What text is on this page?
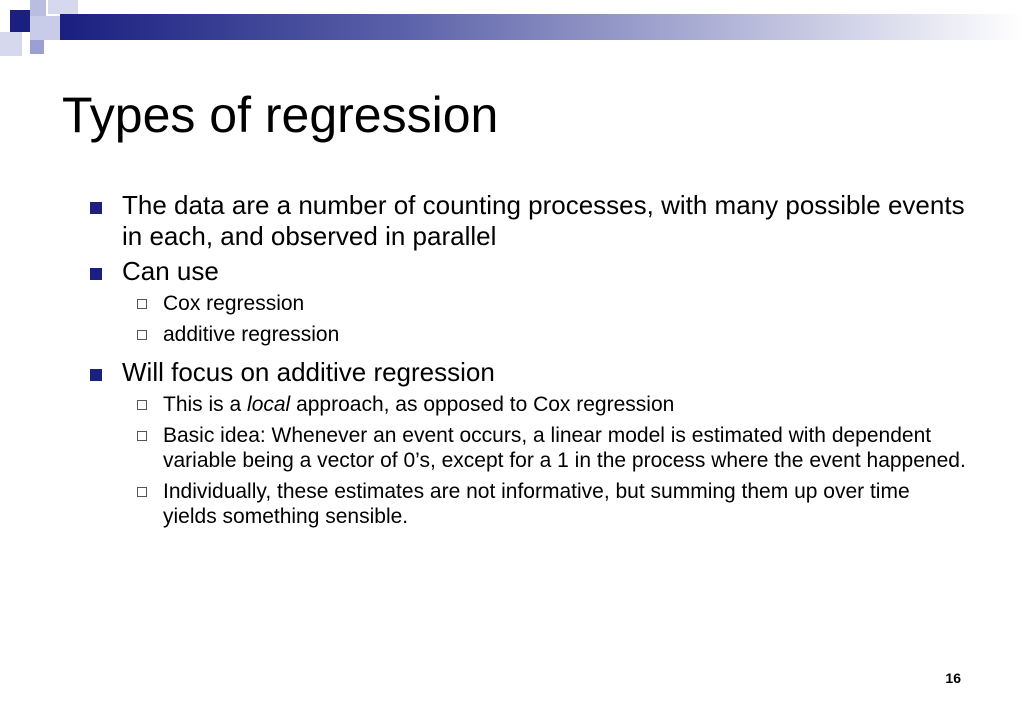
Types of regression
The data are a number of counting processes, with many possible events in each, and observed in parallel
Can use
Cox regression
additive regression
Will focus on additive regression
This is a local approach, as opposed to Cox regression
Basic idea: Whenever an event occurs, a linear model is estimated with dependent variable being a vector of 0’s, except for a 1 in the process where the event happened.
Individually, these estimates are not informative, but summing them up over time yields something sensible.
16
